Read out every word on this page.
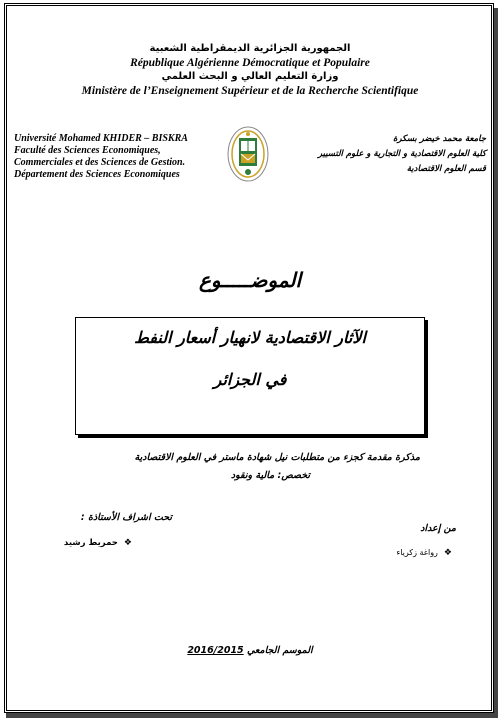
الجمهورية الجزائرية الديمقراطية الشعبية
République Algérienne Démocratique et Populaire
وزارة التعليم العالي و البحث العلمي
Ministère de l’Enseignement Supérieur et de la Recherche Scientifique
Université Mohamed KHIDER – BISKRA
Faculté des Sciences Economiques,
Commerciales et des Sciences de Gestion.
Département des Sciences Economiques
جامعة محمد خيضر بسكرة
كلية العلوم الاقتصادية و التجارية و علوم التسيير
قسم العلوم الاقتصادية
الموضـــــوع
الآثار الاقتصادية لانهيار أسعار النفط
في الجزائر
مذكرة مقدمة كجزء من متطلبات نيل شهادة ماستر في العلوم الاقتصادية
تخصص: مالية ونقود
تحت اشراف الأستاذة :
❖حمريط رشيد
من إعداد
❖رواغة زكرياء
2016/2015 الموسم الجامعي
